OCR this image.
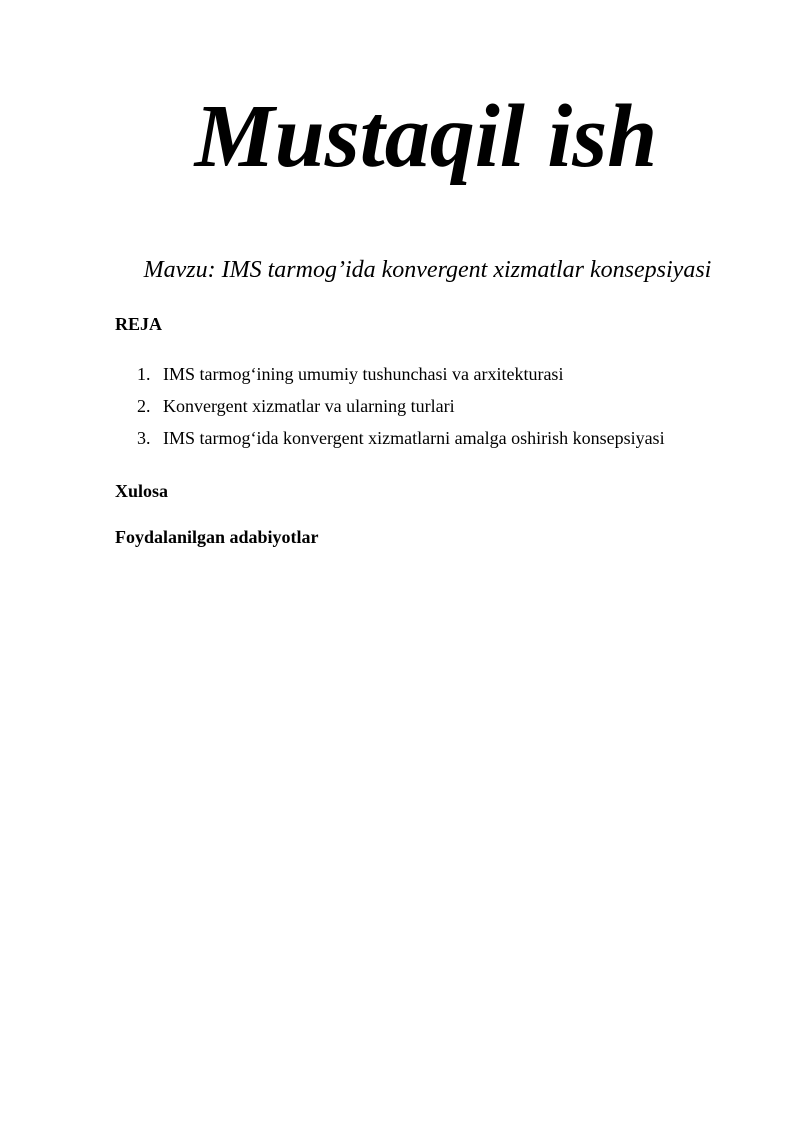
Mustaqil ish
Mavzu: IMS tarmog’ida konvergent xizmatlar konsepsiyasi
REJA
1. IMS tarmog‘ining umumiy tushunchasi va arxitekturasi
2. Konvergent xizmatlar va ularning turlari
3. IMS tarmog‘ida konvergent xizmatlarni amalga oshirish konsepsiyasi
Xulosa
Foydalanilgan adabiyotlar
